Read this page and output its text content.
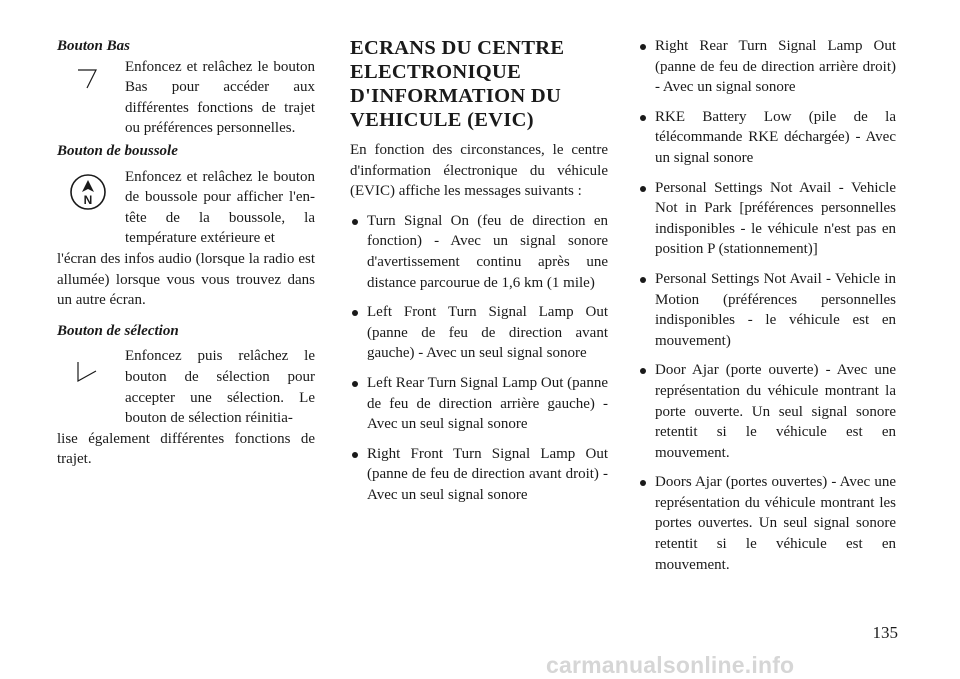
Bouton Bas
Enfoncez et relâchez le bouton Bas pour accéder aux différentes fonctions de trajet ou préférences personnelles.
Bouton de boussole
N
Enfoncez et relâchez le bouton de boussole pour afficher l'en-tête de la boussole, la température extérieure et

l'écran des infos audio (lorsque la radio est allumée) lorsque vous vous trouvez dans un autre écran.

Bouton de sélection
Enfoncez puis relâchez le bouton de sélection pour accepter une sélection. Le bouton de sélection réinitia-

lise également différentes fonctions de trajet.

ECRANS DU CENTRE ELECTRONIQUE D'INFORMATION DU VEHICULE (EVIC)

En fonction des circonstances, le centre d'information électronique du véhicule (EVIC) affiche les messages suivants :

Turn Signal On (feu de direction en fonction) - Avec un signal sonore d'avertissement continu après une distance parcourue de 1,6 km (1 mile)
Left Front Turn Signal Lamp Out (panne de feu de direction avant gauche) - Avec un seul signal sonore
Left Rear Turn Signal Lamp Out (panne de feu de direction arrière gauche) - Avec un seul signal sonore
Right Front Turn Signal Lamp Out (panne de feu de direction avant droit) - Avec un seul signal sonore
Right Rear Turn Signal Lamp Out (panne de feu de direction arrière droit) - Avec un signal sonore
RKE Battery Low (pile de la télécommande RKE déchargée) - Avec un signal sonore
Personal Settings Not Avail - Vehicle Not in Park [préférences personnelles indisponibles - le véhicule n'est pas en position P (stationnement)]
Personal Settings Not Avail - Vehicle in Motion (préférences personnelles indisponibles - le véhicule est en mouvement)
Door Ajar (porte ouverte) - Avec une représentation du véhicule montrant la porte ouverte. Un seul signal sonore retentit si le véhicule est en mouvement.
Doors Ajar (portes ouvertes) - Avec une représentation du véhicule montrant les portes ouvertes. Un seul signal sonore retentit si le véhicule est en mouvement.
135
carmanualsonline.info
